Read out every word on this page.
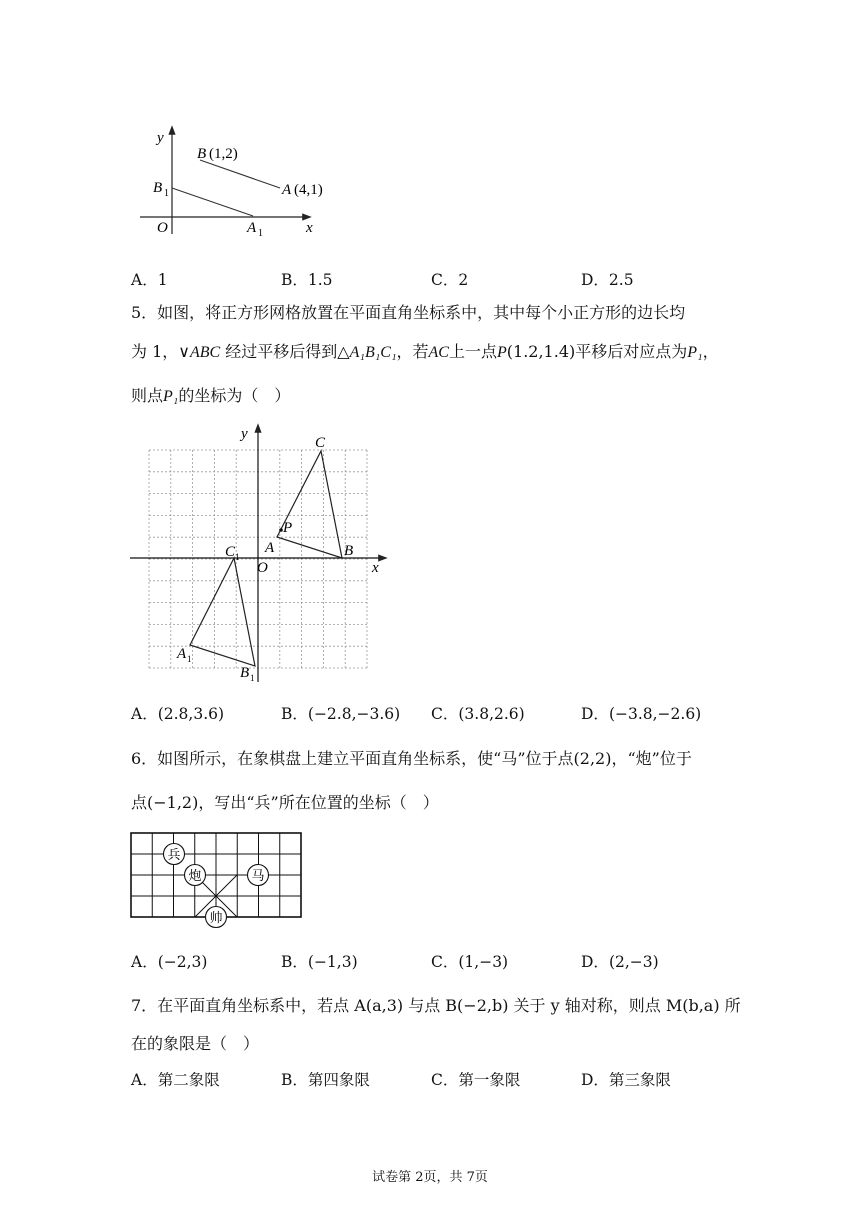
y
x
O
B (1,2)
A (4,1)
B 1
A 1
A．1	B．1.5	C．2	D．2.5
5．如图，将正方形网格放置在平面直角坐标系中，其中每个小正方形的边长均
为 1，∨ABC 经过平移后得到△A₁B₁C₁，若AC上一点P(1.2,1.4)平移后对应点为P₁，
则点P₁的坐标为（　）
y
x
O
C
B
A
P
C 1
A 1
B 1
A．(2.8,3.6)	B．(−2.8,−3.6) C．(3.8,2.6)	D．(−3.8,−2.6)
6．如图所示，在象棋盘上建立平面直角坐标系，使“马”位于点(2,2)，“炮”位于
点(−1,2)，写出“兵”所在位置的坐标（　）
兵
炮	马
帅
A．(−2,3)	B．(−1,3)	C．(1,−3)	D．(2,−3)
7．在平面直角坐标系中，若点 A(a,3) 与点 B(−2,b) 关于 y 轴对称，则点 M(b,a) 所
在的象限是（　）
A．第二象限	B．第四象限	C．第一象限	D．第三象限
试卷第 2页，共 7页
